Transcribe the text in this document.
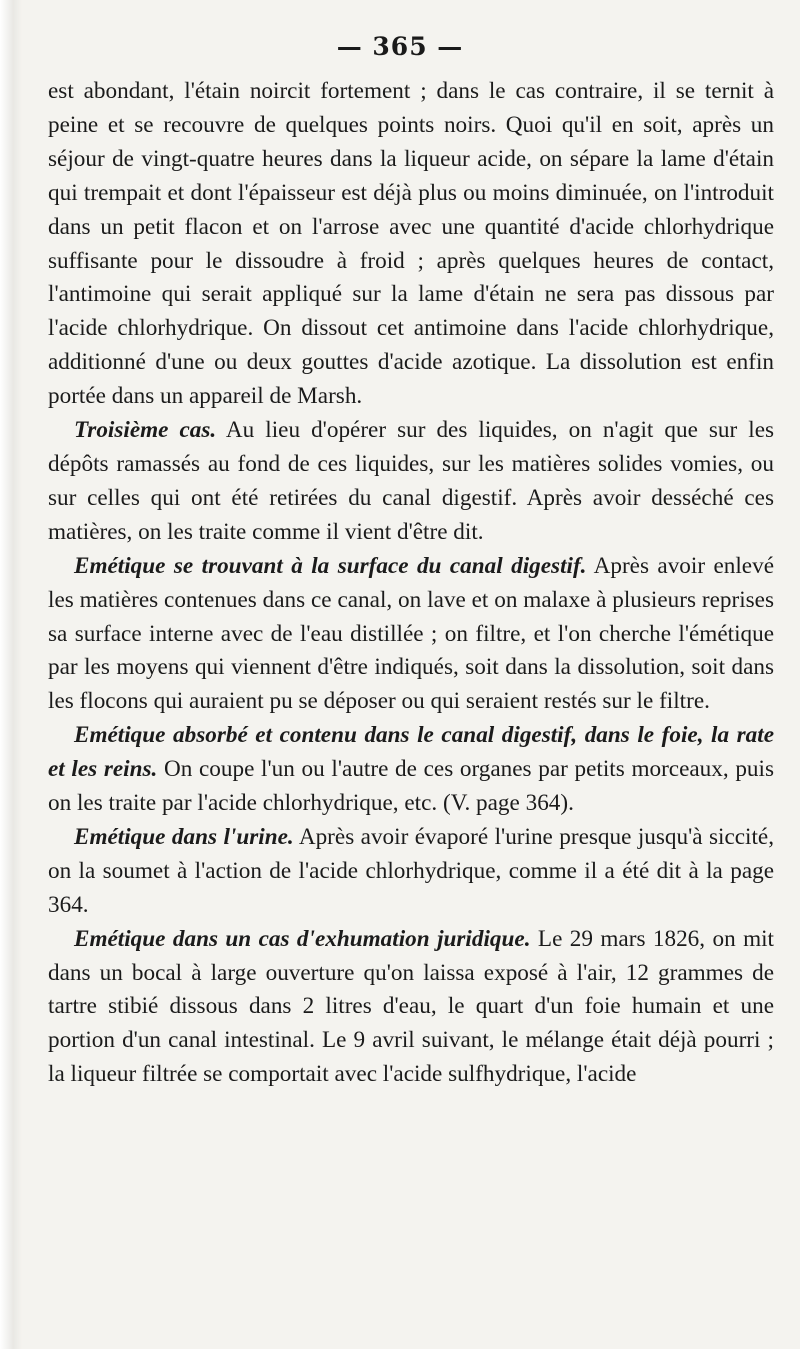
— 365 —

est abondant, l'étain noircit fortement ; dans le cas contraire, il se ternit à peine et se recouvre de quelques points noirs. Quoi qu'il en soit, après un séjour de vingt-quatre heures dans la liqueur acide, on sépare la lame d'étain qui trempait et dont l'épaisseur est déjà plus ou moins diminuée, on l'introduit dans un petit flacon et on l'arrose avec une quantité d'acide chlorhydrique suffisante pour le dissoudre à froid ; après quelques heures de contact, l'antimoine qui serait appliqué sur la lame d'étain ne sera pas dissous par l'acide chlorhydrique. On dissout cet antimoine dans l'acide chlorhydrique, additionné d'une ou deux gouttes d'acide azotique. La dissolution est enfin portée dans un appareil de Marsh.

Troisième cas. Au lieu d'opérer sur des liquides, on n'agit que sur les dépôts ramassés au fond de ces liquides, sur les matières solides vomies, ou sur celles qui ont été retirées du canal digestif. Après avoir desséché ces matières, on les traite comme il vient d'être dit.

Emétique se trouvant à la surface du canal digestif. Après avoir enlevé les matières contenues dans ce canal, on lave et on malaxe à plusieurs reprises sa surface interne avec de l'eau distillée ; on filtre, et l'on cherche l'émétique par les moyens qui viennent d'être indiqués, soit dans la dissolution, soit dans les flocons qui auraient pu se déposer ou qui seraient restés sur le filtre.

Emétique absorbé et contenu dans le canal digestif, dans le foie, la rate et les reins. On coupe l'un ou l'autre de ces organes par petits morceaux, puis on les traite par l'acide chlorhydrique, etc. (V. page 364).

Emétique dans l'urine. Après avoir évaporé l'urine presque jusqu'à siccité, on la soumet à l'action de l'acide chlorhydrique, comme il a été dit à la page 364.

Emétique dans un cas d'exhumation juridique. Le 29 mars 1826, on mit dans un bocal à large ouverture qu'on laissa exposé à l'air, 12 grammes de tartre stibié dissous dans 2 litres d'eau, le quart d'un foie humain et une portion d'un canal intestinal. Le 9 avril suivant, le mélange était déjà pourri ; la liqueur filtrée se comportait avec l'acide sulfhydrique, l'acide
